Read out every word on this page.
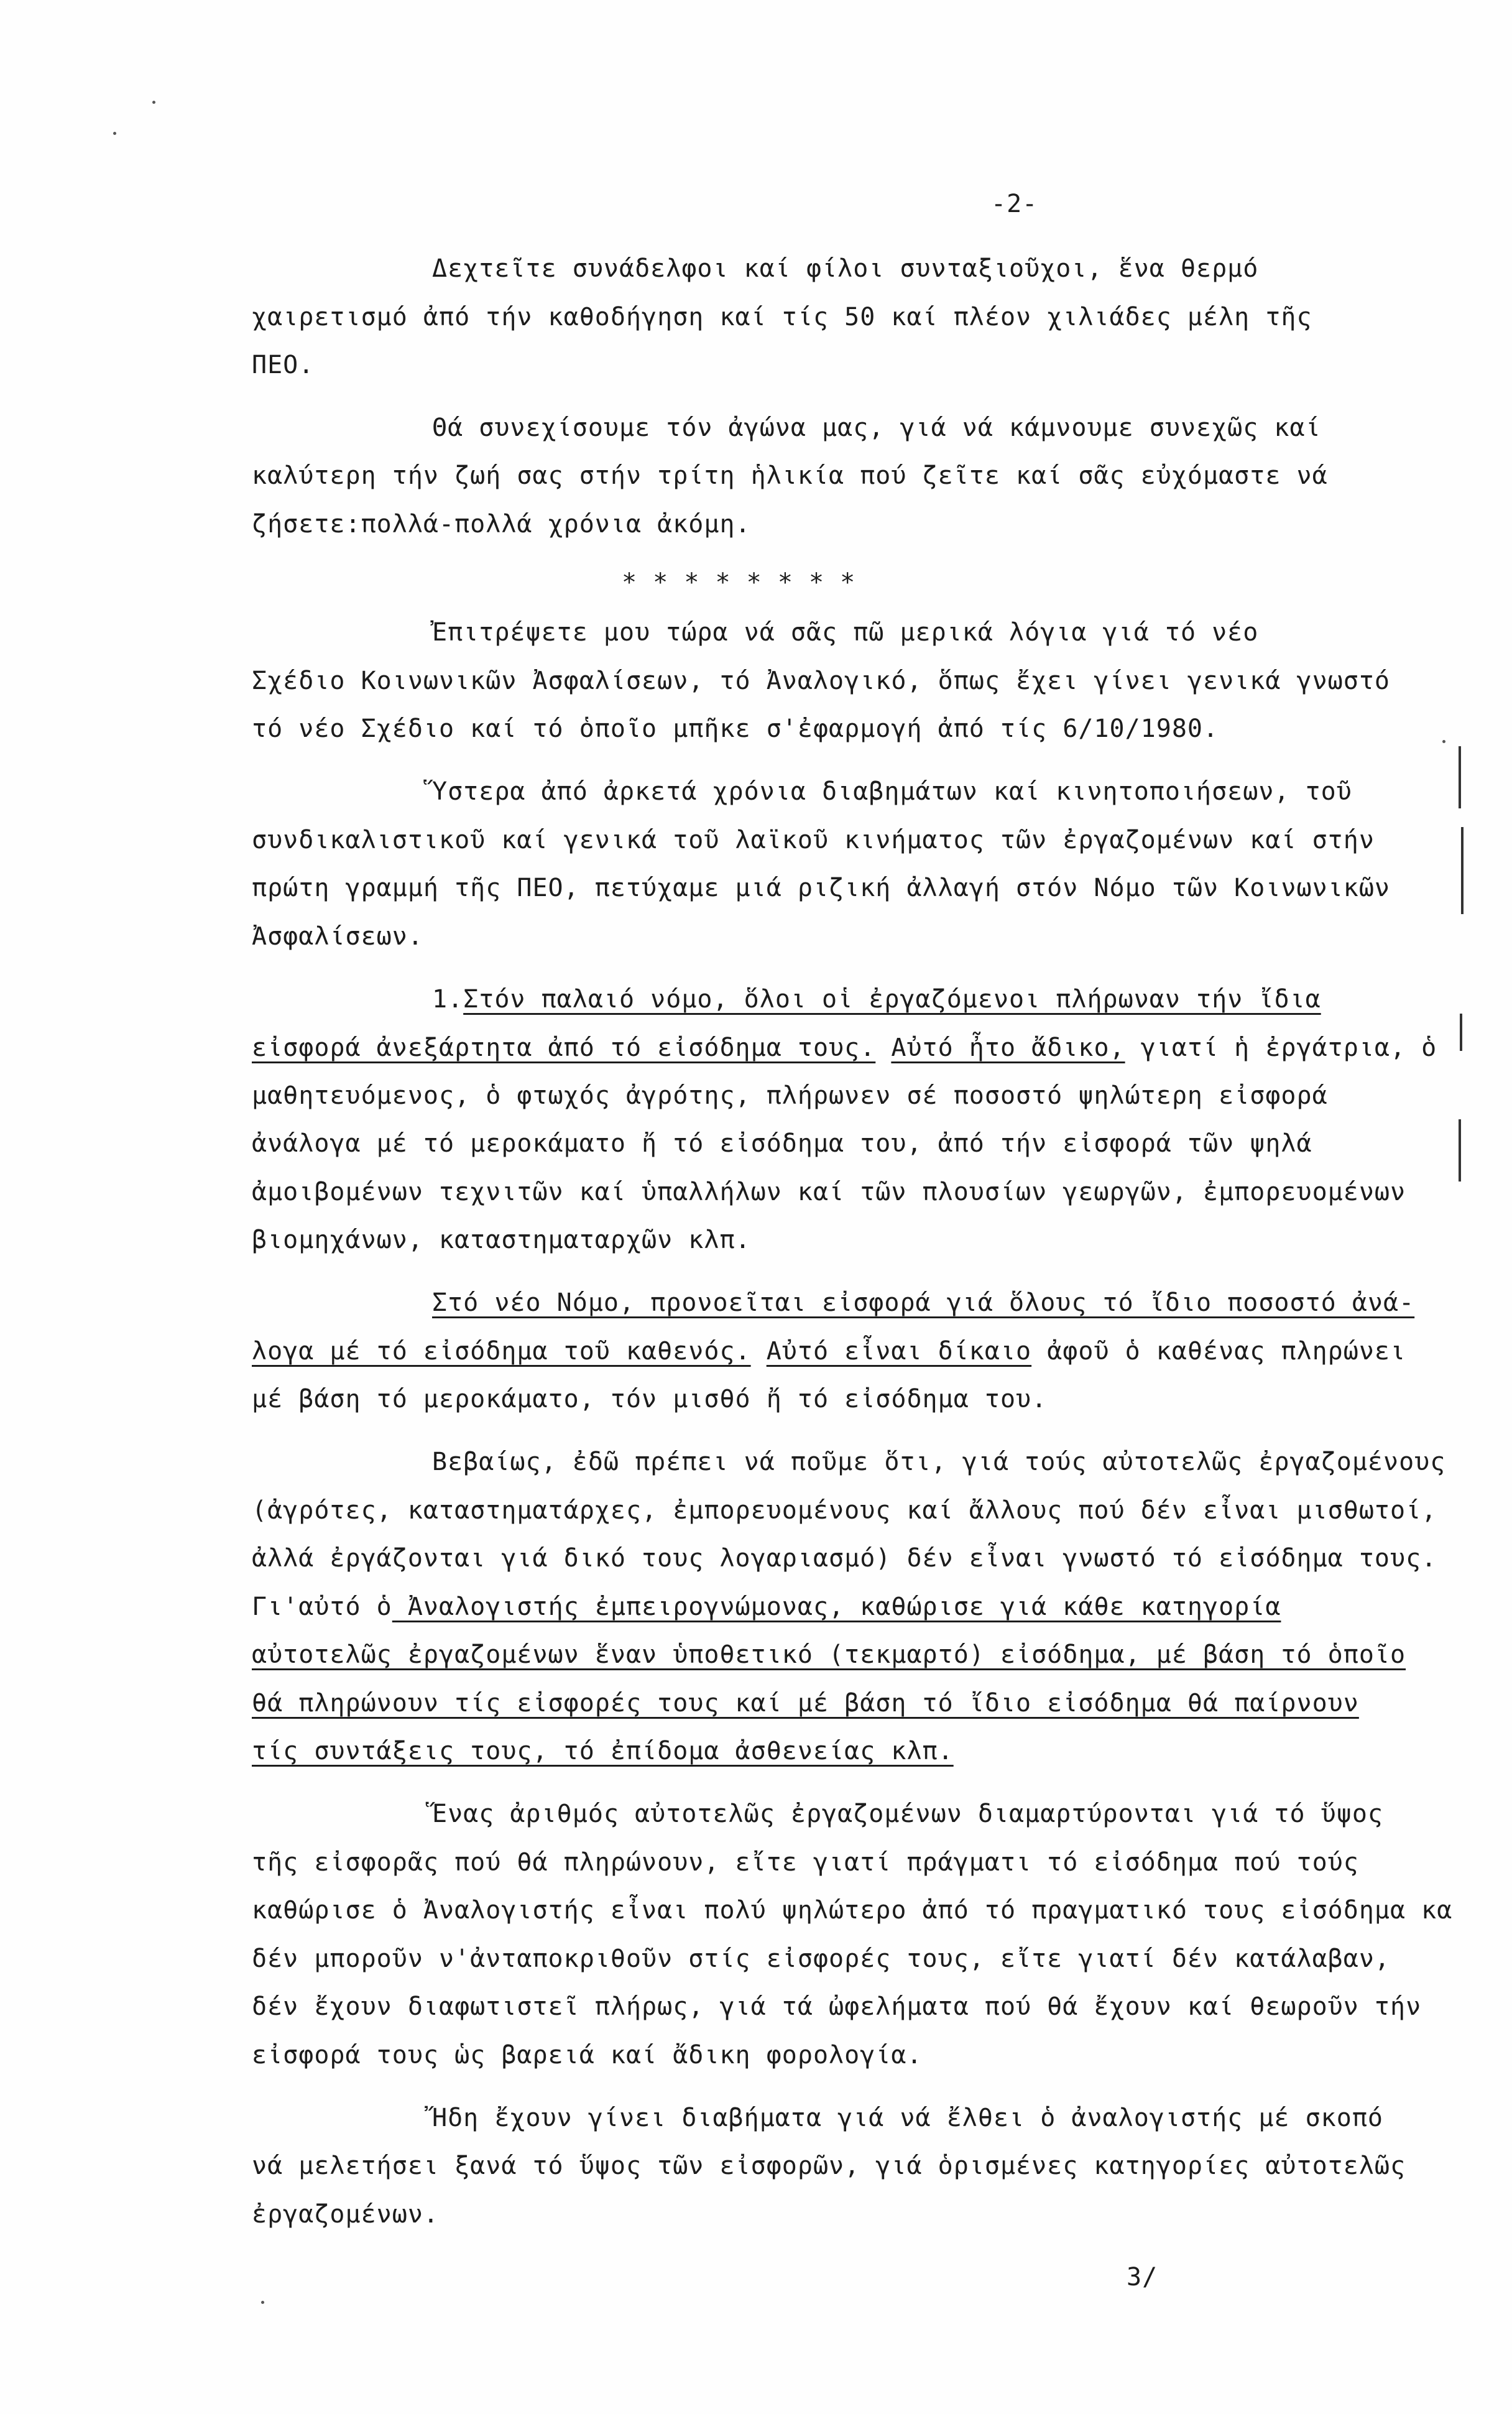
-2-
Δεχτεῖτε συνάδελφοι καί φίλοι συνταξιοῦχοι, ἕνα θερμό
χαιρετισμό ἀπό τήν καθοδήγηση καί τίς 50 καί πλέον χιλιάδες μέλη τῆς
ΠΕΟ.
Θά συνεχίσουμε τόν ἀγώνα μας, γιά νά κάμνουμε συνεχῶς καί
καλύτερη τήν ζωή σας στήν τρίτη ἡλικία πού ζεῖτε καί σᾶς εὐχόμαστε νά
ζήσετε:πολλά-πολλά χρόνια ἀκόμη.
* * * * * * * *
Ἐπιτρέψετε μου τώρα νά σᾶς πῶ μερικά λόγια γιά τό νέο
Σχέδιο Κοινωνικῶν Ἀσφαλίσεων, τό Ἀναλογικό, ὅπως ἔχει γίνει γενικά γνωστό
τό νέο Σχέδιο καί τό ὁποῖο μπῆκε σ'ἐφαρμογή ἀπό τίς 6/10/1980.
Ὕστερα ἀπό ἀρκετά χρόνια διαβημάτων καί κινητοποιήσεων, τοῦ
συνδικαλιστικοῦ καί γενικά τοῦ λαϊκοῦ κινήματος τῶν ἐργαζομένων καί στήν
πρώτη γραμμή τῆς ΠΕΟ, πετύχαμε μιά ριζική ἀλλαγή στόν Νόμο τῶν Κοινωνικῶν
Ἀσφαλίσεων.
1.Στόν παλαιό νόμο, ὅλοι οἱ ἐργαζόμενοι πλήρωναν τήν ἴδια
εἰσφορά ἀνεξάρτητα ἀπό τό εἰσόδημα τους. Αὐτό ἦτο ἄδικο, γιατί ἡ ἐργάτρια, ὁ
μαθητευόμενος, ὁ φτωχός ἀγρότης, πλήρωνεν σέ ποσοστό ψηλώτερη εἰσφορά
ἀνάλογα μέ τό μεροκάματο ἤ τό εἰσόδημα του, ἀπό τήν εἰσφορά τῶν ψηλά
ἀμοιβομένων τεχνιτῶν καί ὑπαλλήλων καί τῶν πλουσίων γεωργῶν, ἐμπορευομένων
βιομηχάνων, καταστηματαρχῶν κλπ.
Στό νέο Νόμο, προνοεῖται εἰσφορά γιά ὅλους τό ἴδιο ποσοστό ἀνά-
λογα μέ τό εἰσόδημα τοῦ καθενός. Αὐτό εἶναι δίκαιο ἀφοῦ ὁ καθένας πληρώνει
μέ βάση τό μεροκάματο, τόν μισθό ἤ τό εἰσόδημα του.
Βεβαίως, ἐδῶ πρέπει νά ποῦμε ὅτι, γιά τούς αὐτοτελῶς ἐργαζομένους
(ἀγρότες, καταστηματάρχες, ἐμπορευομένους καί ἄλλους πού δέν εἶναι μισθωτοί,
ἀλλά ἐργάζονται γιά δικό τους λογαριασμό) δέν εἶναι γνωστό τό εἰσόδημα τους.
Γι'αὐτό ὁ Ἀναλογιστής ἐμπειρογνώμονας, καθώρισε γιά κάθε κατηγορία
αὐτοτελῶς ἐργαζομένων ἕναν ὑποθετικό (τεκμαρτό) εἰσόδημα, μέ βάση τό ὁποῖο
θά πληρώνουν τίς εἰσφορές τους καί μέ βάση τό ἴδιο εἰσόδημα θά παίρνουν
τίς συντάξεις τους, τό ἐπίδομα ἀσθενείας κλπ.
Ἕνας ἀριθμός αὐτοτελῶς ἐργαζομένων διαμαρτύρονται γιά τό ὕψος
τῆς εἰσφορᾶς πού θά πληρώνουν, εἴτε γιατί πράγματι τό εἰσόδημα πού τούς
καθώρισε ὁ Ἀναλογιστής εἶναι πολύ ψηλώτερο ἀπό τό πραγματικό τους εἰσόδημα κα
δέν μποροῦν ν'ἀνταποκριθοῦν στίς εἰσφορές τους, εἴτε γιατί δέν κατάλαβαν,
δέν ἔχουν διαφωτιστεῖ πλήρως, γιά τά ὠφελήματα πού θά ἔχουν καί θεωροῦν τήν
εἰσφορά τους ὡς βαρειά καί ἄδικη φορολογία.
Ἤδη ἔχουν γίνει διαβήματα γιά νά ἔλθει ὁ ἀναλογιστής μέ σκοπό
νά μελετήσει ξανά τό ὕψος τῶν εἰσφορῶν, γιά ὁρισμένες κατηγορίες αὐτοτελῶς
ἐργαζομένων.
3/
